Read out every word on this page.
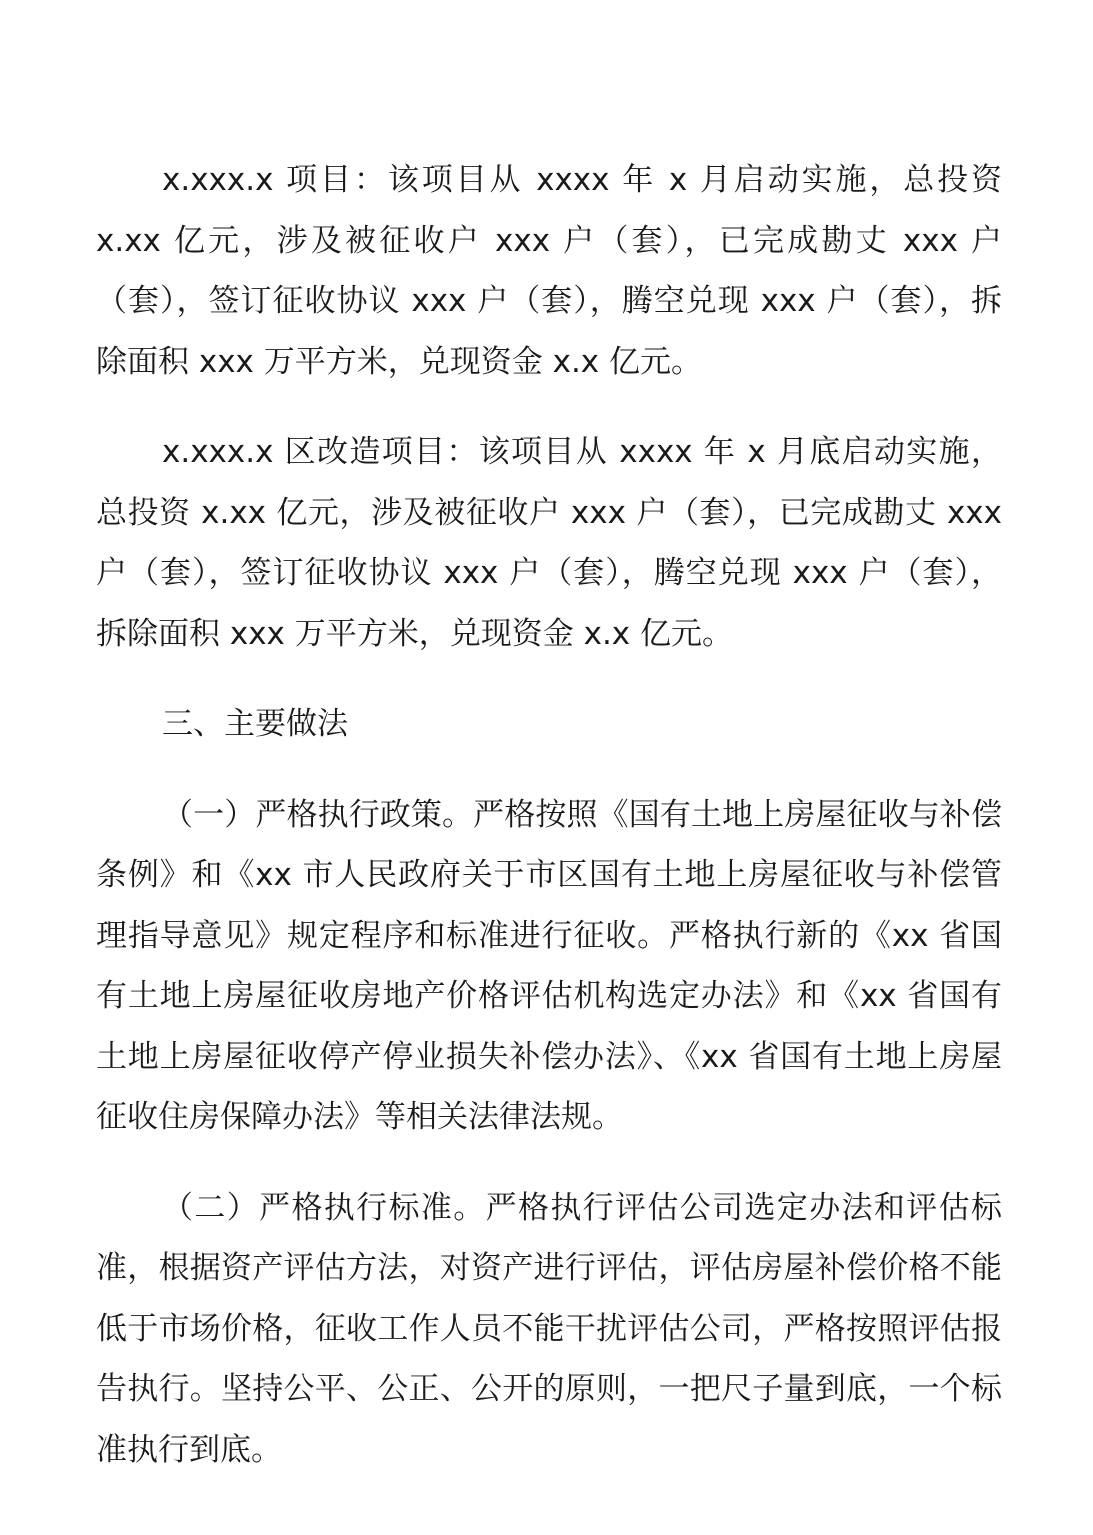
x.xxx.x 项目：该项目从 xxxx 年 x 月启动实施，总投资 x.xx 亿元，涉及被征收户 xxx 户（套），已完成勘丈 xxx 户（套），签订征收协议 xxx 户（套），腾空兑现 xxx 户（套），拆除面积 xxx 万平方米，兑现资金 x.x 亿元。

x.xxx.x 区改造项目：该项目从 xxxx 年 x 月底启动实施，总投资 x.xx 亿元，涉及被征收户 xxx 户（套），已完成勘丈 xxx 户（套），签订征收协议 xxx 户（套），腾空兑现 xxx 户（套），拆除面积 xxx 万平方米，兑现资金 x.x 亿元。

三、主要做法

（一）严格执行政策。严格按照《国有土地上房屋征收与补偿条例》和《xx 市人民政府关于市区国有土地上房屋征收与补偿管理指导意见》规定程序和标准进行征收。严格执行新的《xx 省国有土地上房屋征收房地产价格评估机构选定办法》和《xx 省国有土地上房屋征收停产停业损失补偿办法》、《xx 省国有土地上房屋征收住房保障办法》等相关法律法规。

（二）严格执行标准。严格执行评估公司选定办法和评估标准，根据资产评估方法，对资产进行评估，评估房屋补偿价格不能低于市场价格，征收工作人员不能干扰评估公司，严格按照评估报告执行。坚持公平、公正、公开的原则，一把尺子量到底，一个标准执行到底。
